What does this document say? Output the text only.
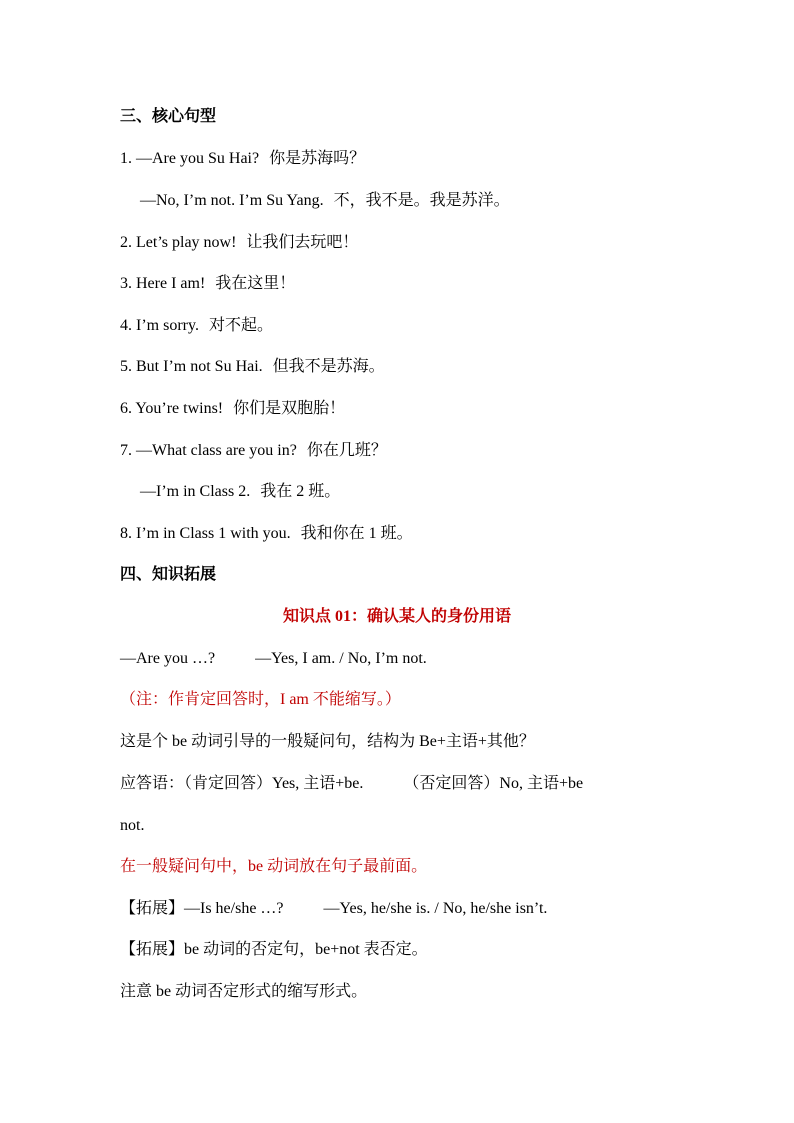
三、核心句型
1. —Are you Su Hai? 你是苏海吗？
—No, I’m not. I’m Su Yang. 不，我不是。我是苏洋。
2. Let’s play now! 让我们去玩吧！
3. Here I am! 我在这里！
4. I’m sorry. 对不起。
5. But I’m not Su Hai. 但我不是苏海。
6. You’re twins! 你们是双胞胎！
7. —What class are you in? 你在几班？
—I’m in Class 2. 我在 2 班。
8. I’m in Class 1 with you. 我和你在 1 班。
四、知识拓展
知识点 01：确认某人的身份用语
—Are you …?	—Yes, I am. / No, I’m not.
（注：作肯定回答时，I am 不能缩写。）
这是个 be 动词引导的一般疑问句，结构为 Be+主语+其他？
应答语：（肯定回答）Yes, 主语+be.	（否定回答）No, 主语+be
not.
在一般疑问句中，be 动词放在句子最前面。
【拓展】—Is he/she …?	—Yes, he/she is. / No, he/she isn’t.
【拓展】be 动词的否定句，be+not 表否定。
注意 be 动词否定形式的缩写形式。
